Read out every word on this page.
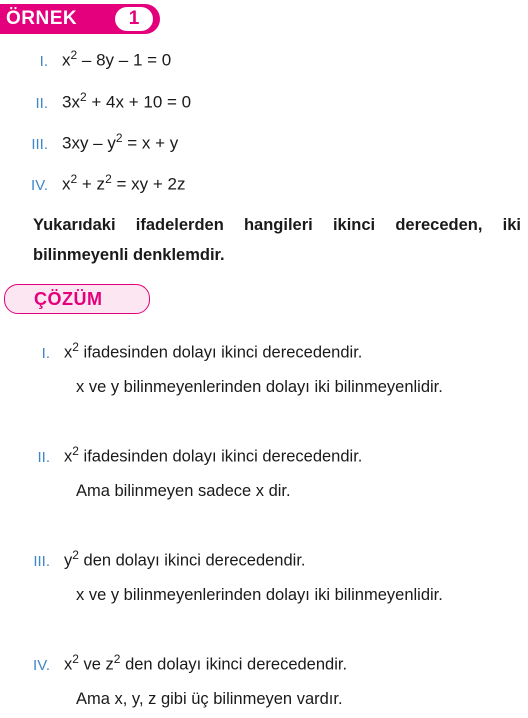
ÖRNEK	1
I. $x^2 - 8y - 1 = 0$
II. $3x^2 + 4x + 10 = 0$
III. $3xy - y^2 = x + y$
IV. $x^2 + z^2$ = xy + 2z
Yukarıdaki ifadelerden hangileri ikinci dereceden, iki bilinmeyenli denklemdir.
ÇÖZÜM
I. $x^2$ ifadesinden dolayı ikinci derecedendir.
x ve y bilinmeyenlerinden dolayı iki bilinmeyenlidir.
II. $x^2$ ifadesinden dolayı ikinci derecedendir.
Ama bilinmeyen sadece x dir.
III. $y^2$ den dolayı ikinci derecedendir.
x ve y bilinmeyenlerinden dolayı iki bilinmeyenlidir.
IV. $x^2$ ve $z^2$ den dolayı ikinci derecedendir.
Ama x, y, z gibi üç bilinmeyen vardır.
